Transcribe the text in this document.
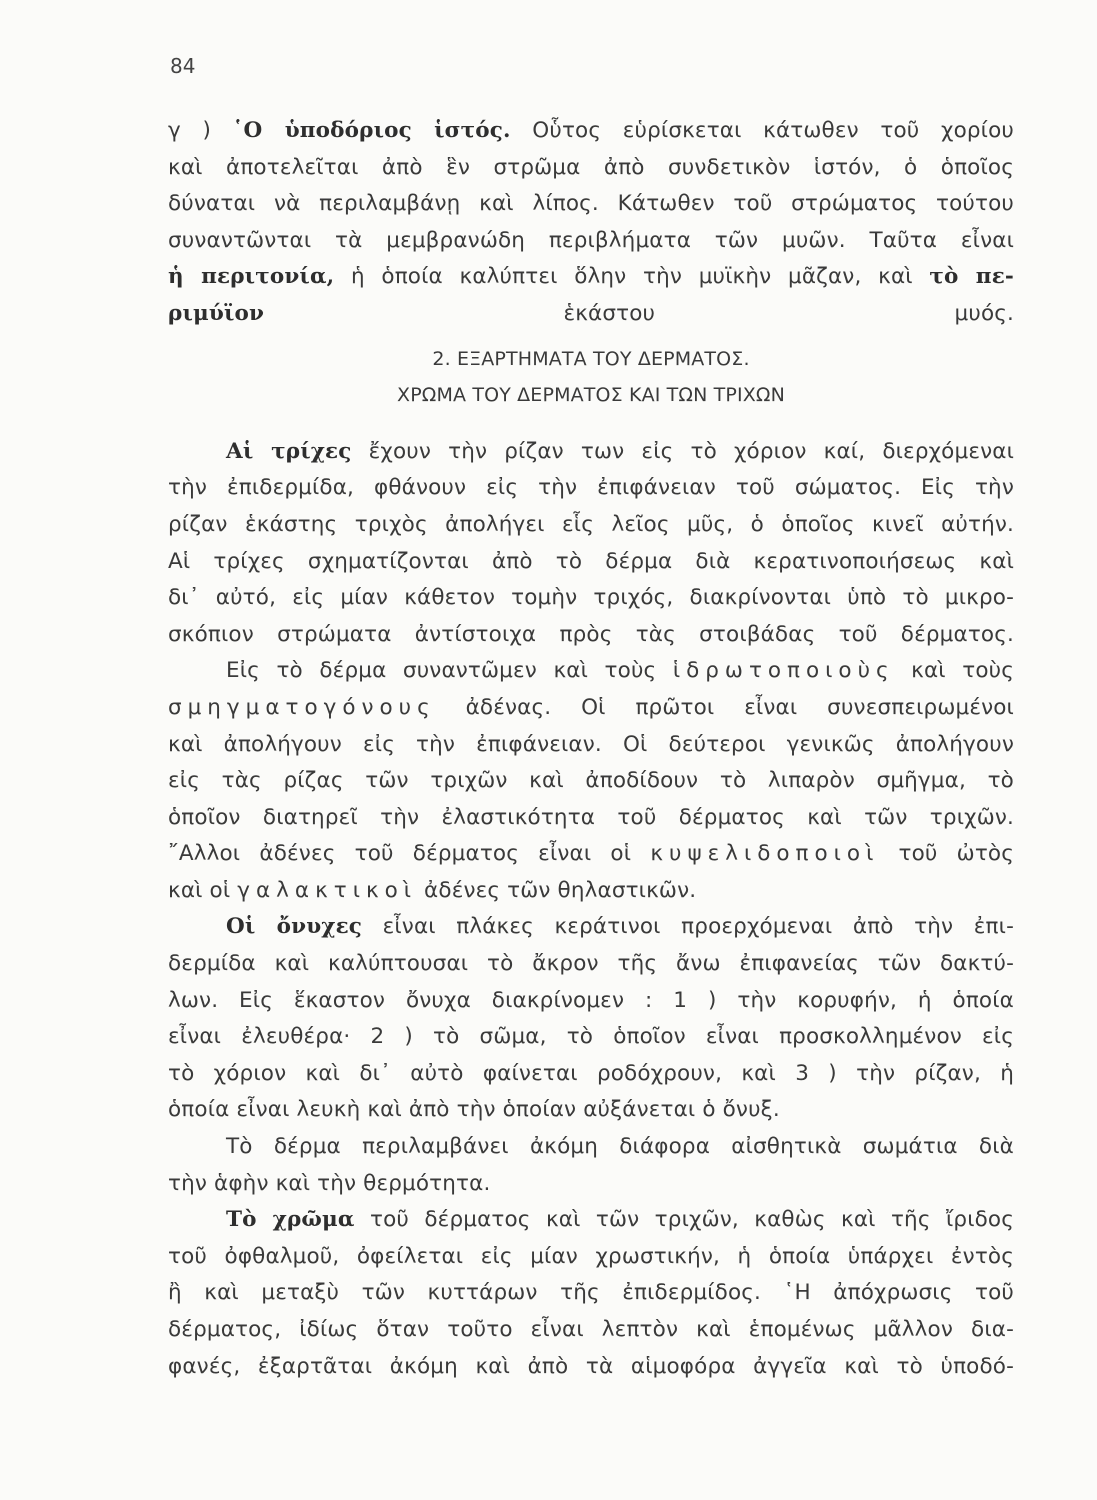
84
γ ) ῾Ο ὑποδόριος ἱστός. Οὗτος εὑρίσκεται κάτωθεν τοῦ χορίου
καὶ ἀποτελεῖται ἀπὸ ἓν στρῶμα ἀπὸ συνδετικὸν ἱστόν, ὁ ὁποῖος
δύναται νὰ περιλαμβάνῃ καὶ λίπος. Κάτωθεν τοῦ στρώματος τούτου
συναντῶνται τὰ μεμβρανώδη περιβλήματα τῶν μυῶν. Ταῦτα εἶναι
ἡ περιτονία, ἡ ὁποία καλύπτει ὅλην τὴν μυϊκὴν μᾶζαν, καὶ τὸ πε-
ριμύϊον ἑκάστου μυός.
2. ΕΞΑΡΤΗΜΑΤΑ ΤΟΥ ΔΕΡΜΑΤΟΣ.
ΧΡΩΜΑ ΤΟΥ ΔΕΡΜΑΤΟΣ ΚΑΙ ΤΩΝ ΤΡΙΧΩΝ
Αἱ τρίχες ἔχουν τὴν ρίζαν των εἰς τὸ χόριον καί, διερχόμεναι
τὴν ἐπιδερμίδα, φθάνουν εἰς τὴν ἐπιφάνειαν τοῦ σώματος. Εἰς τὴν
ρίζαν ἑκάστης τριχὸς ἀπολήγει εἷς λεῖος μῦς, ὁ ὁποῖος κινεῖ αὐτήν.
Αἱ τρίχες σχηματίζονται ἀπὸ τὸ δέρμα διὰ κερατινοποιήσεως καὶ
δι᾽ αὐτό, εἰς μίαν κάθετον τομὴν τριχός, διακρίνονται ὑπὸ τὸ μικρο-
σκόπιον στρώματα ἀντίστοιχα πρὸς τὰς στοιβάδας τοῦ δέρματος.
Εἰς τὸ δέρμα συναντῶμεν καὶ τοὺς ἱδρωτοποιοὺς καὶ τοὺς
σμηγματογόνους ἀδένας. Οἱ πρῶτοι εἶναι συνεσπειρωμένοι
καὶ ἀπολήγουν εἰς τὴν ἐπιφάνειαν. Οἱ δεύτεροι γενικῶς ἀπολήγουν
εἰς τὰς ρίζας τῶν τριχῶν καὶ ἀποδίδουν τὸ λιπαρὸν σμῆγμα, τὸ
ὁποῖον διατηρεῖ τὴν ἐλαστικότητα τοῦ δέρματος καὶ τῶν τριχῶν.
῎Αλλοι ἀδένες τοῦ δέρματος εἶναι οἱ κυψελιδοποιοὶ τοῦ ὠτὸς
καὶ οἱ γαλακτικοὶ ἀδένες τῶν θηλαστικῶν.
Οἱ ὄνυχες εἶναι πλάκες κεράτινοι προερχόμεναι ἀπὸ τὴν ἐπι-
δερμίδα καὶ καλύπτουσαι τὸ ἄκρον τῆς ἄνω ἐπιφανείας τῶν δακτύ-
λων. Εἰς ἕκαστον ὄνυχα διακρίνομεν : 1 ) τὴν κορυφήν, ἡ ὁποία
εἶναι ἐλευθέρα· 2 ) τὸ σῶμα, τὸ ὁποῖον εἶναι προσκολλημένον εἰς
τὸ χόριον καὶ δι᾽ αὐτὸ φαίνεται ροδόχρουν, καὶ 3 ) τὴν ρίζαν, ἡ
ὁποία εἶναι λευκὴ καὶ ἀπὸ τὴν ὁποίαν αὐξάνεται ὁ ὄνυξ.
Τὸ δέρμα περιλαμβάνει ἀκόμη διάφορα αἰσθητικὰ σωμάτια διὰ
τὴν ἁφὴν καὶ τὴν θερμότητα.
Τὸ χρῶμα τοῦ δέρματος καὶ τῶν τριχῶν, καθὼς καὶ τῆς ἴριδος
τοῦ ὀφθαλμοῦ, ὀφείλεται εἰς μίαν χρωστικήν, ἡ ὁποία ὑπάρχει ἐντὸς
ἢ καὶ μεταξὺ τῶν κυττάρων τῆς ἐπιδερμίδος. ῾Η ἀπόχρωσις τοῦ
δέρματος, ἰδίως ὅταν τοῦτο εἶναι λεπτὸν καὶ ἑπομένως μᾶλλον δια-
φανές, ἐξαρτᾶται ἀκόμη καὶ ἀπὸ τὰ αἱμοφόρα ἀγγεῖα καὶ τὸ ὑποδό-
